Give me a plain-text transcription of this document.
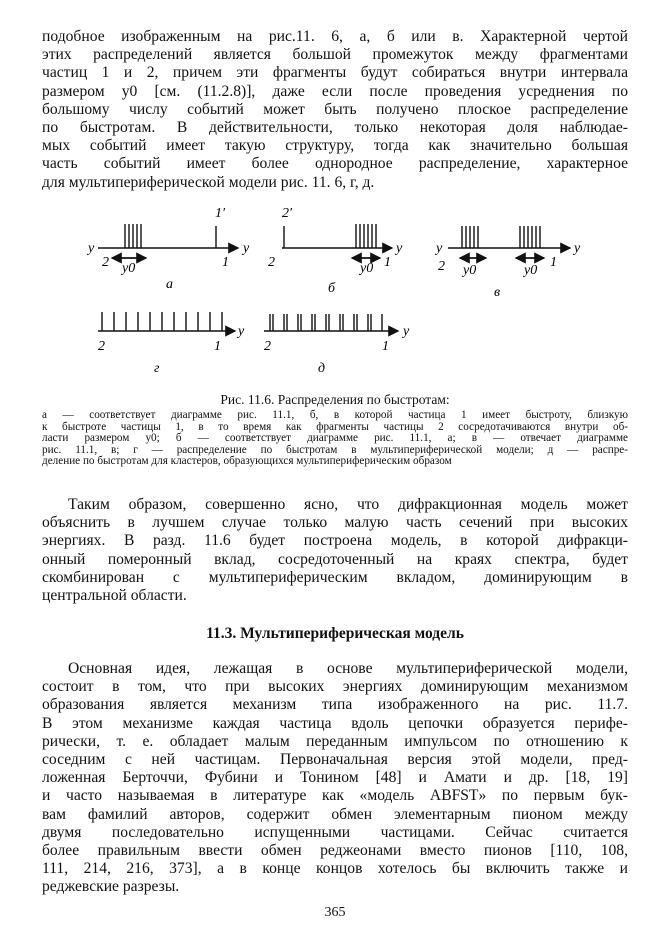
подобное изображенным на рис.11. 6, а, б или в. Характерной чертой
этих распределений является большой промежуток между фрагментами
частиц 1 и 2, причем эти фрагменты будут собираться внутри интервала
размером y0 [см. (11.2.8)], даже если после проведения усреднения по
большому числу событий может быть получено плоское распределение
по быстротам. В действительности, только некоторая доля наблюдае-
мых событий имеет такую структуру, тогда как значительно большая
часть событий имеет более однородное распределение, характерное
для мультипериферической модели рис. 11. 6, г, д.

y	y
2 y0	1
1′
а
2′
2	y0 1
y
б
y
2 y0	y0
1
y
в
2	1
y
г
2	1
y
д
Рис. 11.6. Распределения по быстротам:
а — соответствует диаграмме рис. 11.1, б, в которой частица 1 имеет быстроту, близкую
к быстроте частицы 1, в то время как фрагменты частицы 2 сосредотачиваются внутри об-
ласти размером y0; б — соответствует диаграмме рис. 11.1, а; в — отвечает диаграмме
рис. 11.1, в; г — распределение по быстротам в мультипериферической модели; д — распре-
деление по быстротам для кластеров, образующихся мультипериферическим образом

Таким образом, совершенно ясно, что дифракционная модель может
объяснить в лучшем случае только малую часть сечений при высоких
энергиях. В разд. 11.6 будет построена модель, в которой дифракци-
онный померонный вклад, сосредоточенный на краях спектра, будет
скомбинирован с мультипериферическим вкладом, доминирующим в
центральной области.

11.3. Мультипериферическая модель

Основная идея, лежащая в основе мультипериферической модели,
состоит в том, что при высоких энергиях доминирующим механизмом
образования является механизм типа изображенного на рис. 11.7.
В этом механизме каждая частица вдоль цепочки образуется перифе-
рически, т. е. обладает малым переданным импульсом по отношению к
соседним с ней частицам. Первоначальная версия этой модели, пред-
ложенная Берточчи, Фубини и Тонином [48] и Амати и др. [18, 19]
и часто называемая в литературе как «модель ABFST» по первым бук-
вам фамилий авторов, содержит обмен элементарным пионом между
двумя последовательно испущенными частицами. Сейчас считается
более правильным ввести обмен реджеонами вместо пионов [110, 108,
111, 214, 216, 373], а в конце концов хотелось бы включить также и
реджевские разрезы.

365
